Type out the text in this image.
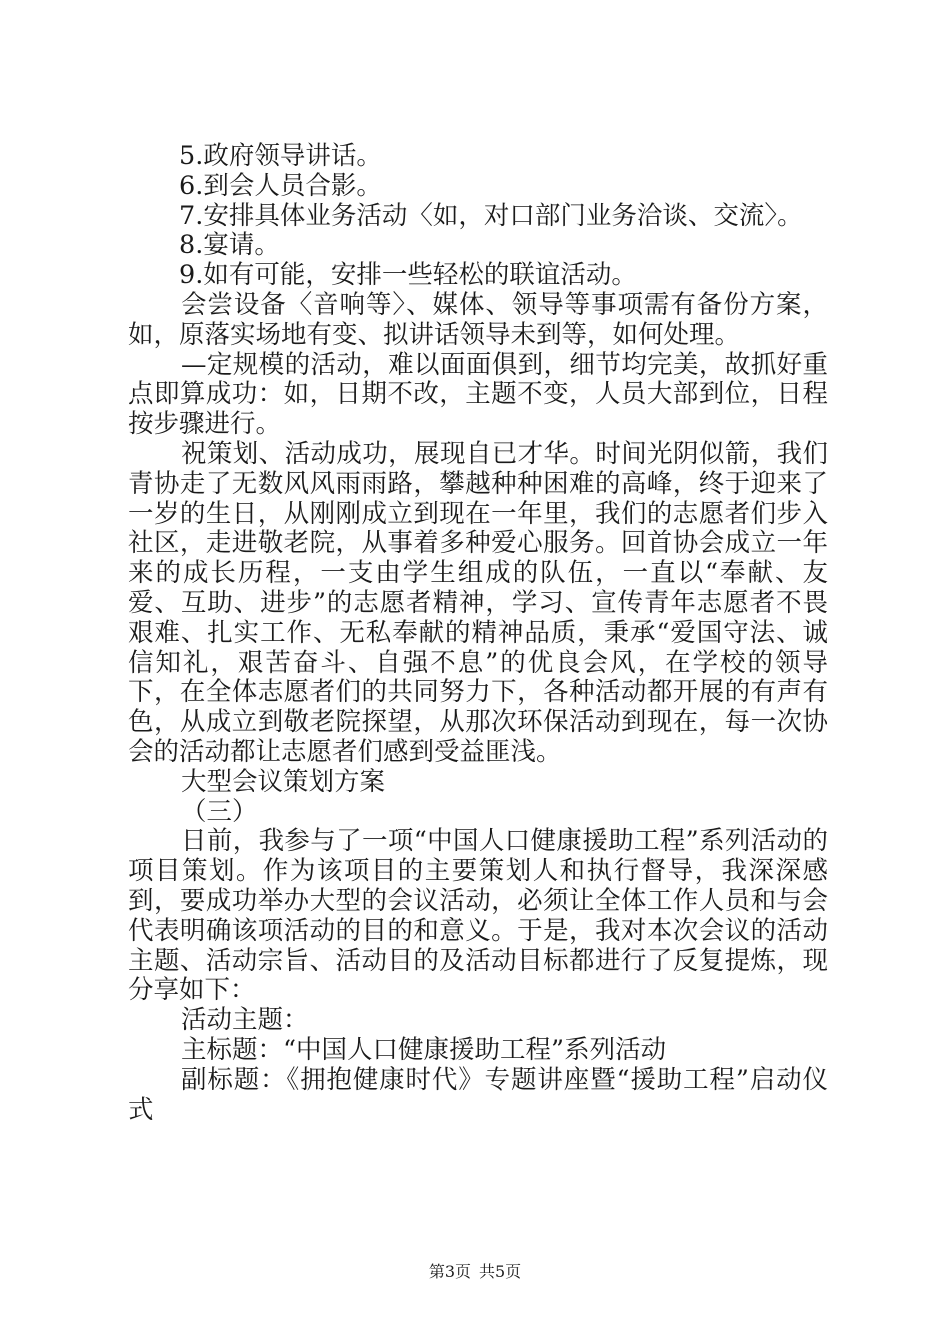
5.政府领导讲话。

6.到会人员合影。

7.安排具体业务活动〈如，对口部门业务洽谈、交流〉。

8.宴请。

9.如有可能，安排一些轻松的联谊活动。

会尝设备〈音响等〉、媒体、领导等事项需有备份方案，如，原落实场地有变、拟讲话领导未到等，如何处理。

—定规模的活动，难以面面俱到，细节均完美，故抓好重点即算成功：如，日期不改，主题不变，人员大部到位，日程按步骤进行。

祝策划、活动成功，展现自已才华。时间光阴似箭，我们青协走了无数风风雨雨路，攀越种种困难的高峰，终于迎来了一岁的生日，从刚刚成立到现在一年里，我们的志愿者们步入社区，走进敬老院，从事着多种爱心服务。回首协会成立一年来的成长历程，一支由学生组成的队伍，一直以“奉献、友爱、互助、进步”的志愿者精神，学习、宣传青年志愿者不畏艰难、扎实工作、无私奉献的精神品质，秉承“爱国守法、诚信知礼，艰苦奋斗、自强不息”的优良会风，在学校的领导下，在全体志愿者们的共同努力下，各种活动都开展的有声有色，从成立到敬老院探望，从那次环保活动到现在，每一次协会的活动都让志愿者们感到受益匪浅。

大型会议策划方案

（三）

日前，我参与了一项“中国人口健康援助工程”系列活动的项目策划。作为该项目的主要策划人和执行督导，我深深感到，要成功举办大型的会议活动，必须让全体工作人员和与会代表明确该项活动的目的和意义。于是，我对本次会议的活动主题、活动宗旨、活动目的及活动目标都进行了反复提炼，现分享如下：

活动主题：

主标题：“中国人口健康援助工程”系列活动

副标题：《拥抱健康时代》专题讲座暨“援助工程”启动仪式

第3页 共5页
